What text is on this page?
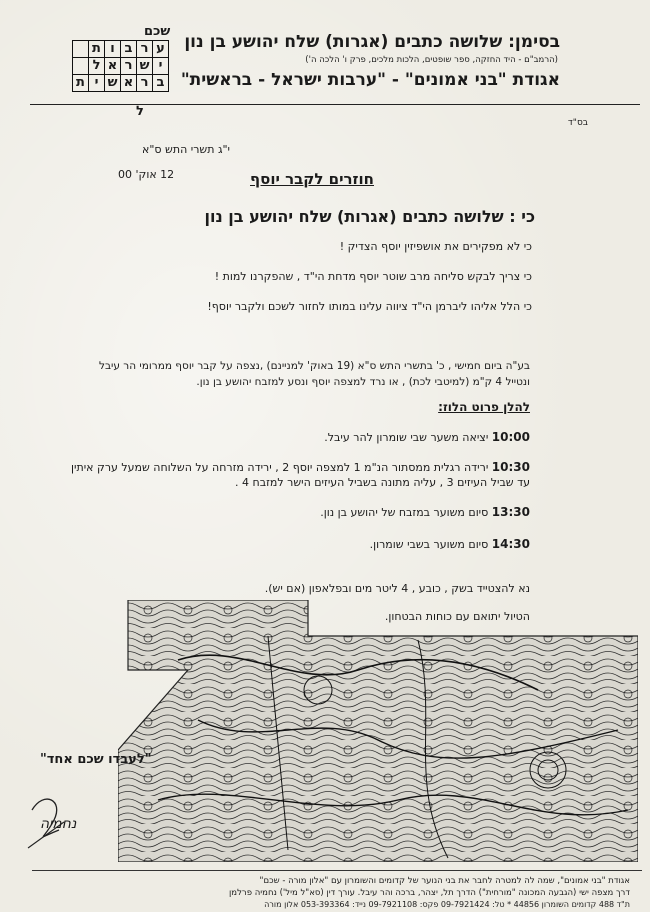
שכם
	ת	ו	ב	ר	ע
	ל	א	ר	ש	י
ת	י	ש	א	ר	ב
ל
בסימן: שלושה כתבים (אגרות) שלח יהושע בן נון
(הרמב"ם - היד החזקה, ספר שופטים, הלכות מלכים, פרק ו' הלכה ה')
אגודת "בני אמונים" - "ערבות ישראל - בראשית"
בס"ד
י"ג תשרי התש ס"א
12 אוק' 00	חוזרים לקבר יוסף
כי : שלושה כתבים (אגרות) שלח יהושע בן נון
כי לא מפקירים את אושפיזין יוסף הצדיק !
כי צריך לבקש סליחה מרב שוטר יוסף מדחת הי"ד , שהפקרנו למות !
כי הלל אליהו ליברמן הי"ד ציווה עלינו במותו לחזור לשכם ולקבר יוסף!
בע"ה ביום חמישי , כ' בתשרי התש ס"א (19 באוק' למניינם) ,נצפה על קבר יוסף ממרומי הר עיבל ונטייל 4 ק"מ (למיטבי לכת) , או נרד למצפה יוסף ונסע למזבח יהושע בן נון.
להלן פרוט הלוז:
10:00 יציאה משער שבי שומרון להר עיבל.
10:30 ירידה רגלית ממסתור הנ"מ 1 למצפה יוסף 2 , ירידה מזרחה על השלוחה שמעל ערק איתין עד שביל העיזים 3 , עליה מתונה בשביל העיזים הישר למזבח 4 .
13:30 סיום משוער במזבח של יהושע בן נון.
14:30 סיום משוער בשבי שומרון.
נא להצטייד בשק , כובע , 4 ליטר מים ובפלאפון (אם יש).
הטיול יתואם עם כוחות הבטחון.
"לעבדו שכם אחד"
נחמיה
אגודת "בני אמונים", שמה לה למטרה לחבר את בני הנוער של קדומים והשומרון עם "אלון מורה - שכם"
דרך מצפה ישי (הגבעה המכונה "מורחית") הדרך תל, יצהר, ברכה והר עיבל. עורך דין (סא"ל מיל') נחמיה פרלמן
ת"ד 488 קדומים השומרון 44856 * טל: 09-7921424 פקס: 09-7921108 נייד: 053-393364 אלון מורה
